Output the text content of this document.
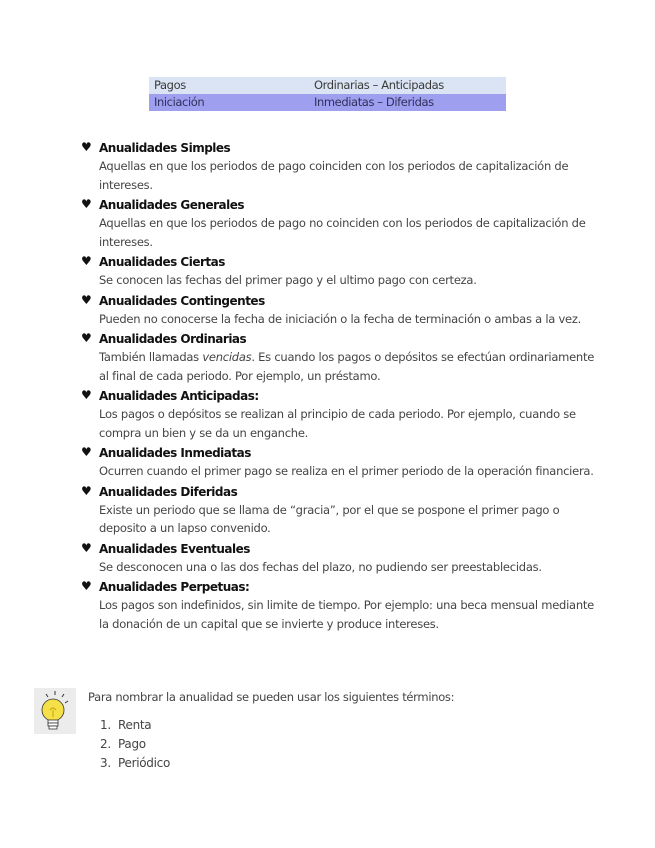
Pagos	Ordinarias – Anticipadas
Iniciación	Inmediatas – Diferidas
♥ Anualidades Simples
Aquellas en que los periodos de pago coinciden con los periodos de capitalización de intereses.
♥ Anualidades Generales
Aquellas en que los periodos de pago no coinciden con los periodos de capitalización de intereses.
♥ Anualidades Ciertas
Se conocen las fechas del primer pago y el ultimo pago con certeza.
♥ Anualidades Contingentes
Pueden no conocerse la fecha de iniciación o la fecha de terminación o ambas a la vez.
♥ Anualidades Ordinarias
También llamadas vencidas. Es cuando los pagos o depósitos se efectúan ordinariamente al final de cada periodo. Por ejemplo, un préstamo.
♥ Anualidades Anticipadas:
Los pagos o depósitos se realizan al principio de cada periodo. Por ejemplo, cuando se compra un bien y se da un enganche.
♥ Anualidades Inmediatas
Ocurren cuando el primer pago se realiza en el primer periodo de la operación financiera.
♥ Anualidades Diferidas
Existe un periodo que se llama de “gracia”, por el que se pospone el primer pago o deposito a un lapso convenido.
♥ Anualidades Eventuales
Se desconocen una o las dos fechas del plazo, no pudiendo ser preestablecidas.
♥ Anualidades Perpetuas:
Los pagos son indefinidos, sin limite de tiempo. Por ejemplo: una beca mensual mediante la donación de un capital que se invierte y produce intereses.
Para nombrar la anualidad se pueden usar los siguientes términos:
1. Renta
2. Pago
3. Periódico
